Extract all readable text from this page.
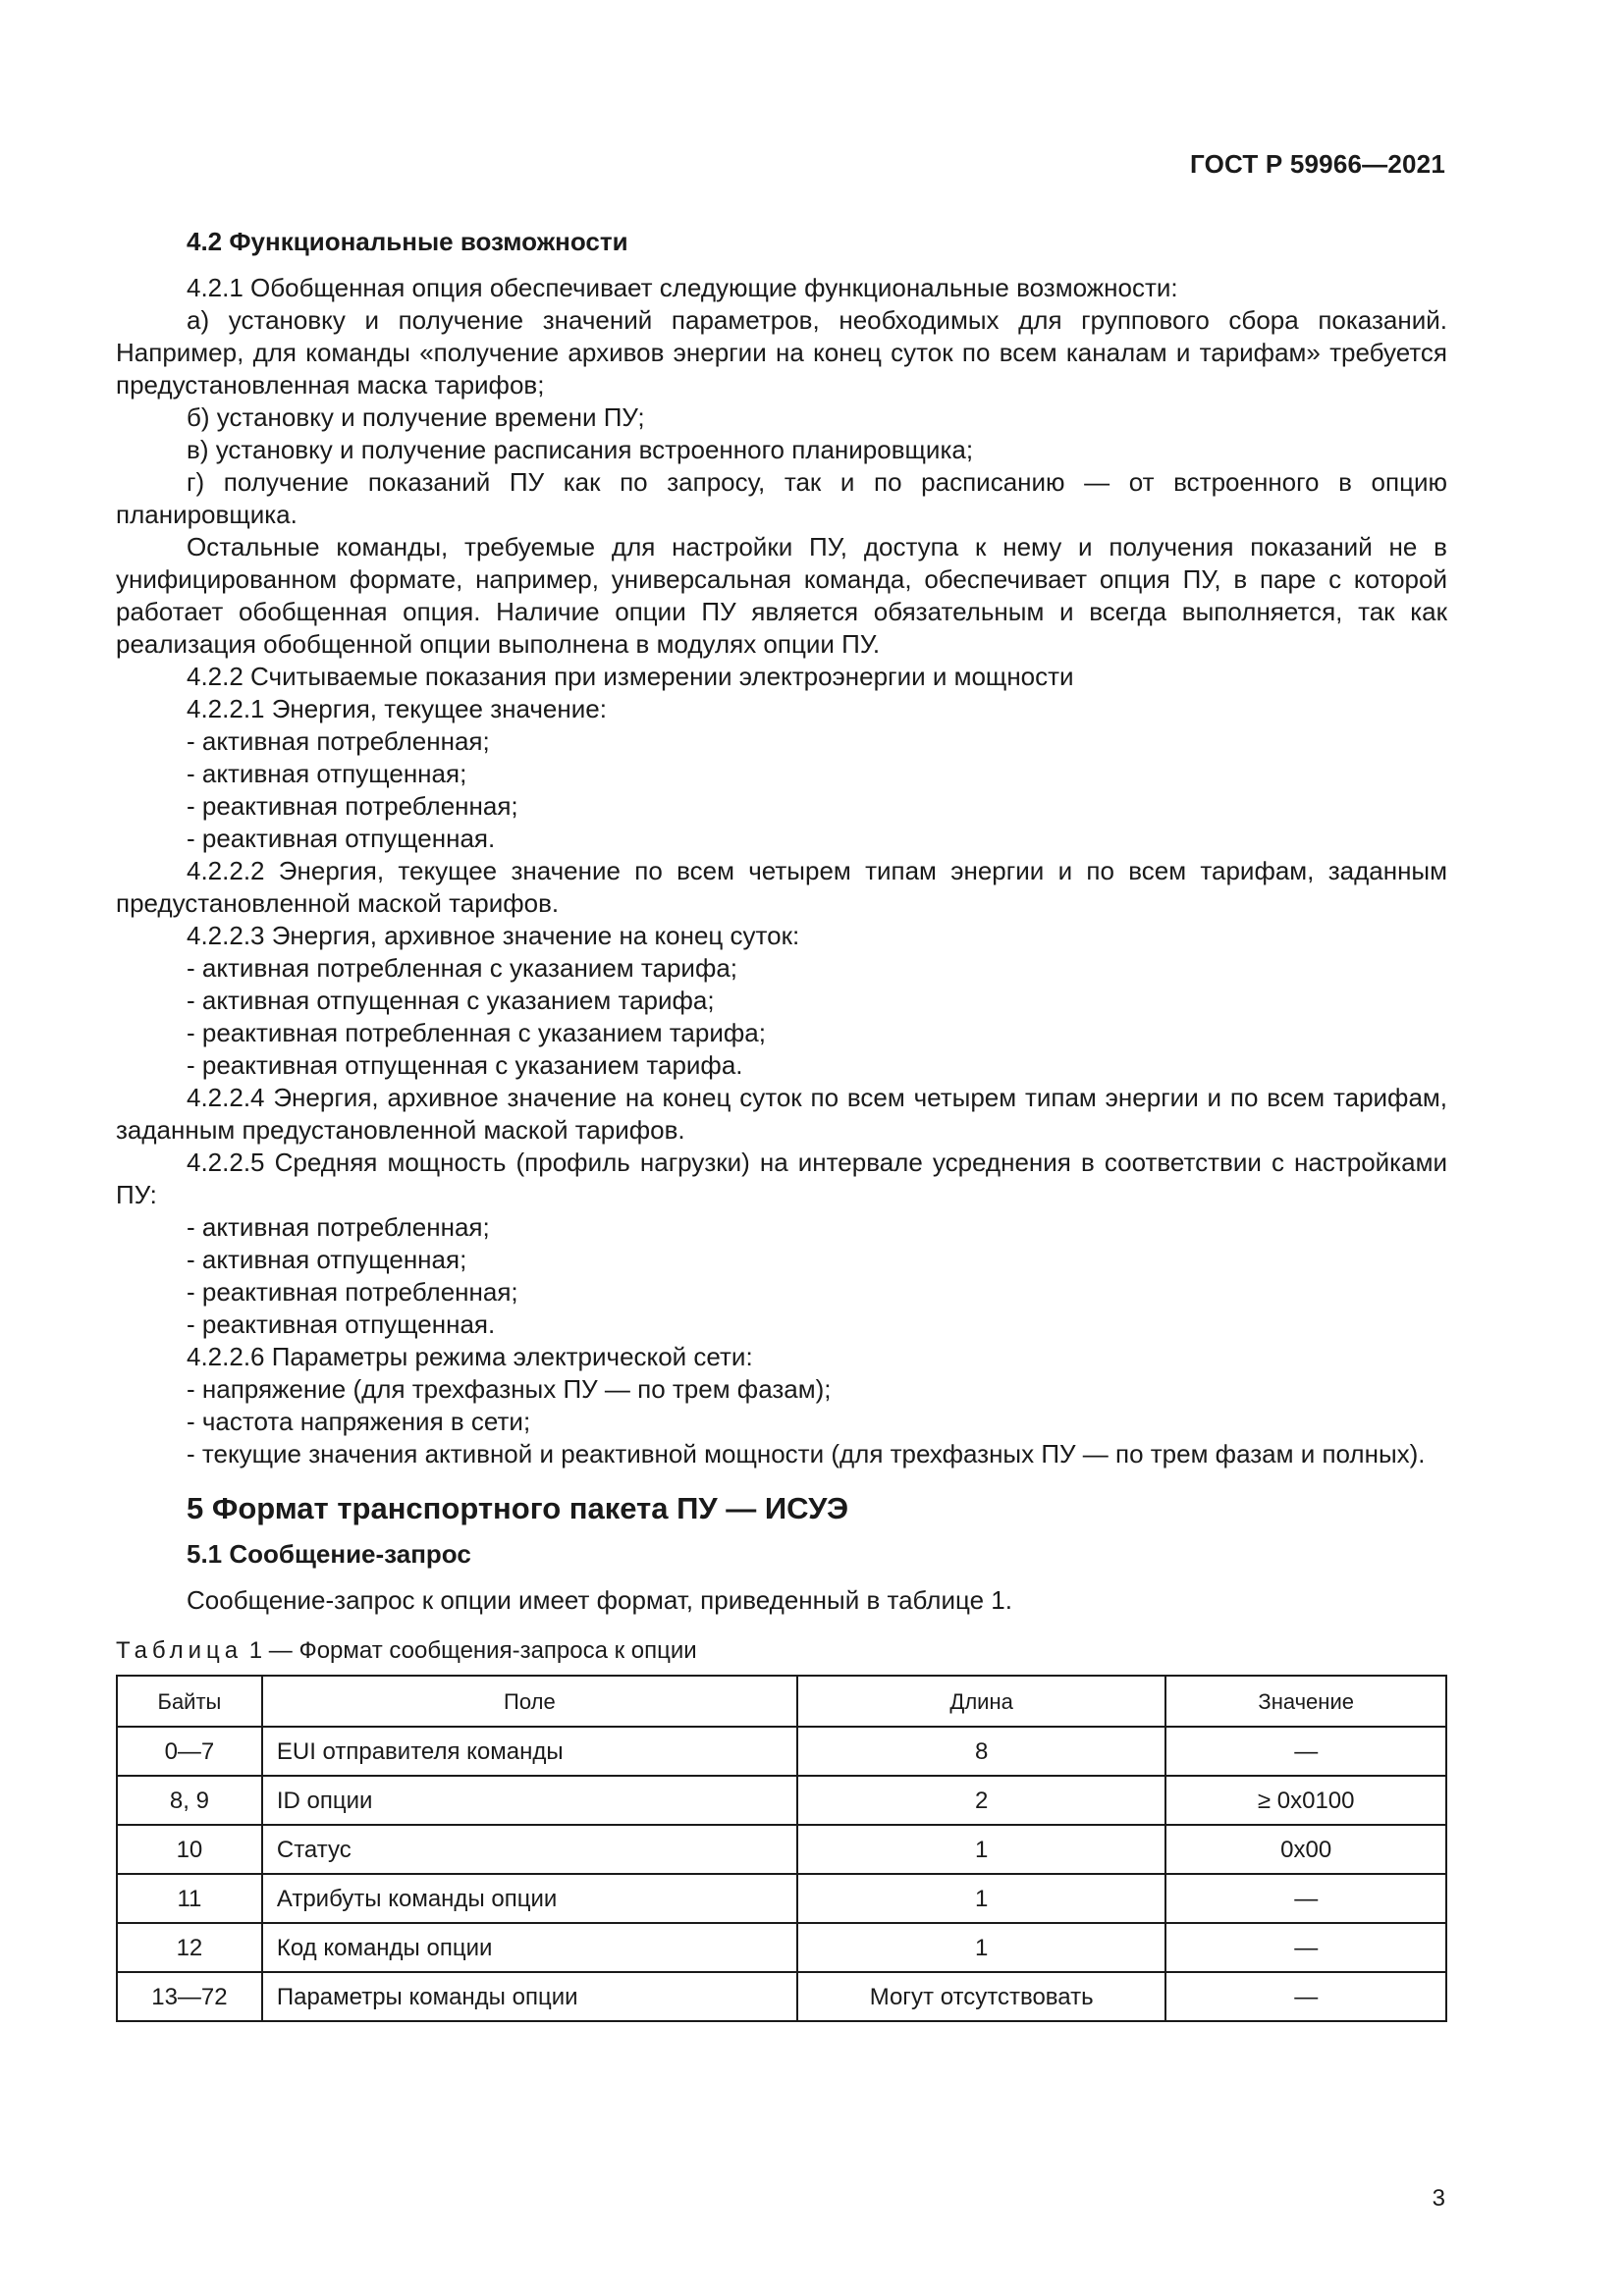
ГОСТ Р 59966—2021
4.2 Функциональные возможности

4.2.1 Обобщенная опция обеспечивает следующие функциональные возможности:

а) установку и получение значений параметров, необходимых для группового сбора показаний. Например, для команды «получение архивов энергии на конец суток по всем каналам и тарифам» требуется предустановленная маска тарифов;

б) установку и получение времени ПУ;

в) установку и получение расписания встроенного планировщика;

г) получение показаний ПУ как по запросу, так и по расписанию — от встроенного в опцию планировщика.

Остальные команды, требуемые для настройки ПУ, доступа к нему и получения показаний не в унифицированном формате, например, универсальная команда, обеспечивает опция ПУ, в паре с которой работает обобщенная опция. Наличие опции ПУ является обязательным и всегда выполняется, так как реализация обобщенной опции выполнена в модулях опции ПУ.

4.2.2 Считываемые показания при измерении электроэнергии и мощности

4.2.2.1 Энергия, текущее значение:

- активная потребленная;
- активная отпущенная;
- реактивная потребленная;
- реактивная отпущенная.

4.2.2.2 Энергия, текущее значение по всем четырем типам энергии и по всем тарифам, заданным предустановленной маской тарифов.

4.2.2.3 Энергия, архивное значение на конец суток:

- активная потребленная с указанием тарифа;
- активная отпущенная с указанием тарифа;
- реактивная потребленная с указанием тарифа;
- реактивная отпущенная с указанием тарифа.

4.2.2.4 Энергия, архивное значение на конец суток по всем четырем типам энергии и по всем тарифам, заданным предустановленной маской тарифов.

4.2.2.5 Средняя мощность (профиль нагрузки) на интервале усреднения в соответствии с настройками ПУ:

- активная потребленная;
- активная отпущенная;
- реактивная потребленная;
- реактивная отпущенная.

4.2.2.6 Параметры режима электрической сети:

- напряжение (для трехфазных ПУ — по трем фазам);
- частота напряжения в сети;

- текущие значения активной и реактивной мощности (для трехфазных ПУ — по трем фазам и полных).

5 Формат транспортного пакета ПУ — ИСУЭ
5.1 Сообщение-запрос

Сообщение-запрос к опции имеет формат, приведенный в таблице 1.

Таблица 1 — Формат сообщения-запроса к опции
Байты	Поле	Длина	Значение
0—7	EUI отправителя команды	8	—
8, 9	ID опции	2	≥ 0x0100
10	Статус	1	0x00
11	Атрибуты команды опции	1	—
12	Код команды опции	1	—
13—72	Параметры команды опции	Могут отсутствовать	—
3
